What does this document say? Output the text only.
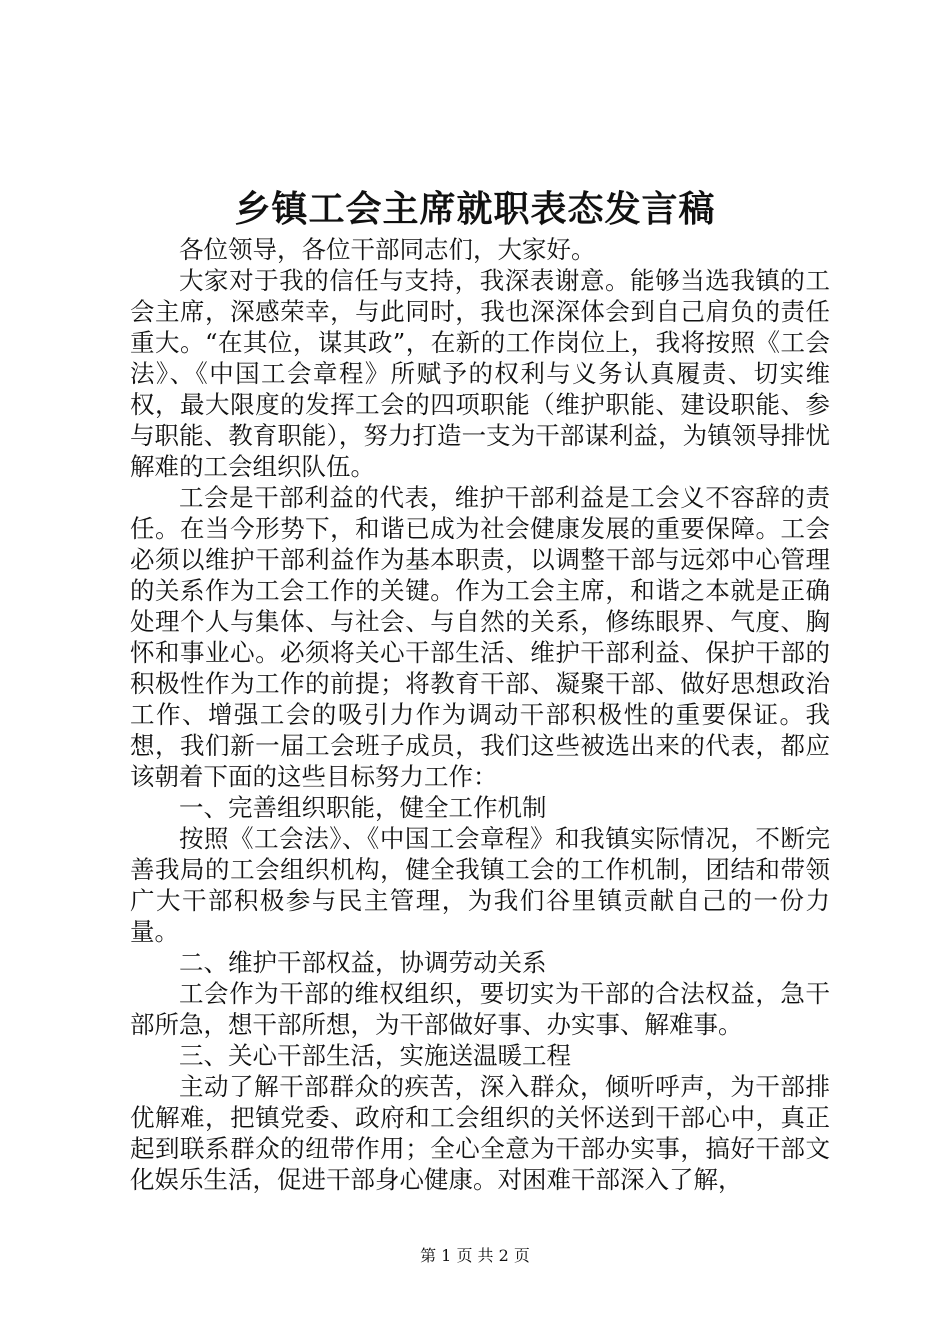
乡镇工会主席就职表态发言稿

各位领导，各位干部同志们，大家好。

大家对于我的信任与支持，我深表谢意。能够当选我镇的工会主席，深感荣幸，与此同时，我也深深体会到自己肩负的责任重大。“在其位，谋其政”，在新的工作岗位上，我将按照《工会法》、《中国工会章程》所赋予的权利与义务认真履责、切实维权，最大限度的发挥工会的四项职能（维护职能、建设职能、参与职能、教育职能），努力打造一支为干部谋利益，为镇领导排忧解难的工会组织队伍。

工会是干部利益的代表，维护干部利益是工会义不容辞的责任。在当今形势下，和谐已成为社会健康发展的重要保障。工会必须以维护干部利益作为基本职责，以调整干部与远郊中心管理的关系作为工会工作的关键。作为工会主席，和谐之本就是正确处理个人与集体、与社会、与自然的关系，修练眼界、气度、胸怀和事业心。必须将关心干部生活、维护干部利益、保护干部的积极性作为工作的前提；将教育干部、凝聚干部、做好思想政治工作、增强工会的吸引力作为调动干部积极性的重要保证。我想，我们新一届工会班子成员，我们这些被选出来的代表，都应该朝着下面的这些目标努力工作：

一、完善组织职能，健全工作机制

按照《工会法》、《中国工会章程》和我镇实际情况，不断完善我局的工会组织机构，健全我镇工会的工作机制，团结和带领广大干部积极参与民主管理，为我们谷里镇贡献自己的一份力量。

二、维护干部权益，协调劳动关系

工会作为干部的维权组织，要切实为干部的合法权益，急干部所急，想干部所想，为干部做好事、办实事、解难事。

三、关心干部生活，实施送温暖工程

主动了解干部群众的疾苦，深入群众，倾听呼声，为干部排优解难，把镇党委、政府和工会组织的关怀送到干部心中，真正起到联系群众的纽带作用；全心全意为干部办实事，搞好干部文化娱乐生活，促进干部身心健康。对困难干部深入了解，

第 1 页 共 2 页
